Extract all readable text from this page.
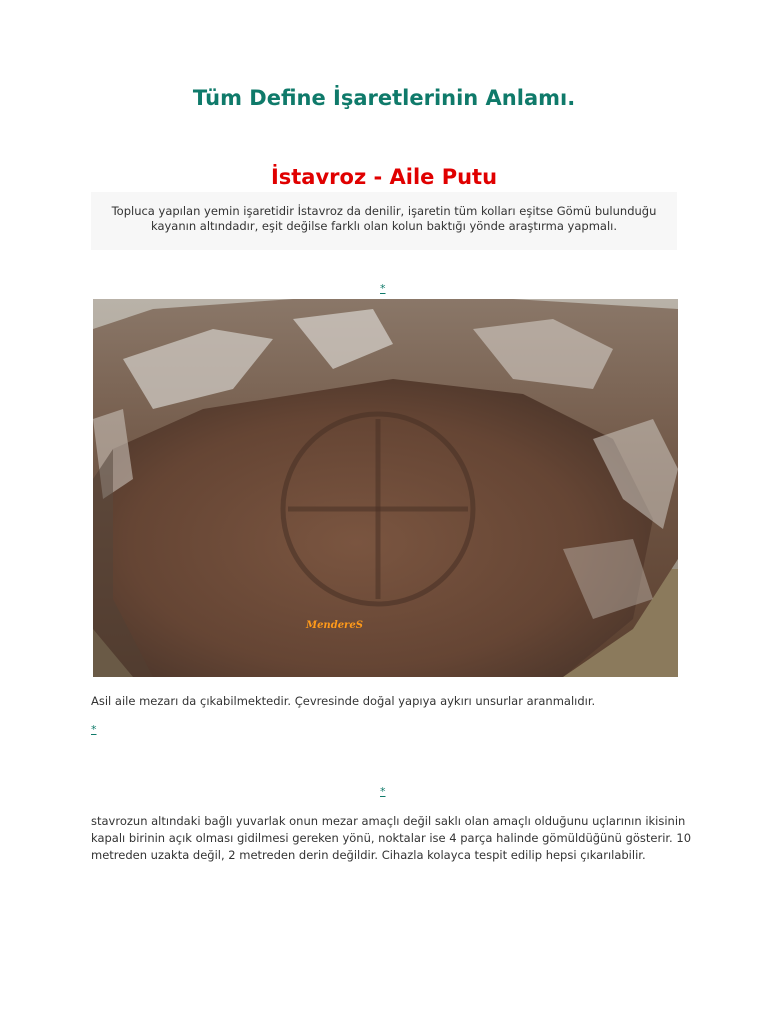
Tüm Define İşaretlerinin Anlamı.
İstavroz - Aile Putu
Topluca yapılan yemin işaretidir İstavroz da denilir, işaretin tüm kolları eşitse Gömü bulunduğu kayanın altındadır, eşit değilse farklı olan kolun baktığı yönde araştırma yapmalı.
*
MendereS

Asil aile mezarı da çıkabilmektedir. Çevresinde doğal yapıya aykırı unsurlar aranmalıdır.

*
*

stavrozun altındaki bağlı yuvarlak onun mezar amaçlı değil saklı olan amaçlı olduğunu uçlarının ikisinin kapalı birinin açık olması gidilmesi gereken yönü, noktalar ise 4 parça halinde gömüldüğünü gösterir. 10 metreden uzakta değil, 2 metreden derin değildir. Cihazla kolayca tespit edilip hepsi çıkarılabilir.
